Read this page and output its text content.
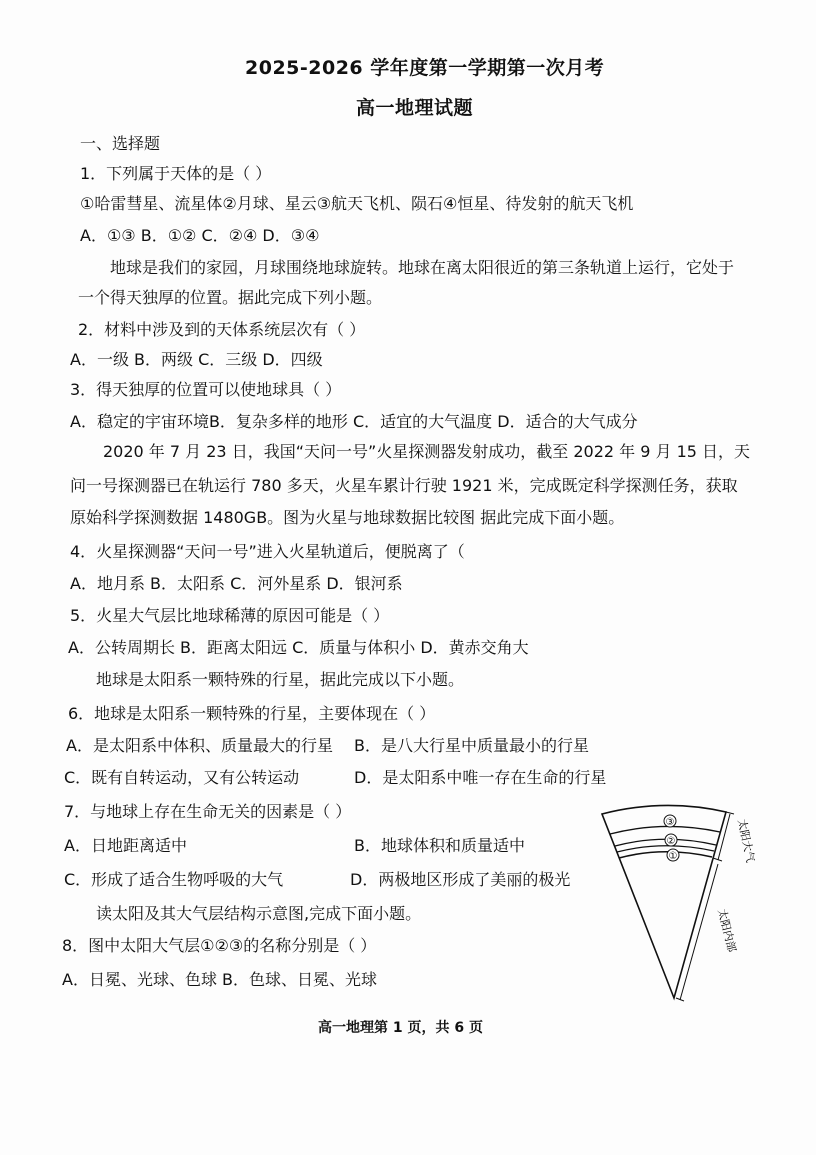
2025-2026 学年度第一学期第一次月考
高一地理试题
一、选择题
1．下列属于天体的是（ ）
①哈雷彗星、流星体②月球、星云③航天飞机、陨石④恒星、待发射的航天飞机
A．①③ B．①② C．②④ D．③④
地球是我们的家园，月球围绕地球旋转。地球在离太阳很近的第三条轨道上运行，它处于
一个得天独厚的位置。据此完成下列小题。
2．材料中涉及到的天体系统层次有（ ）
A．一级 B．两级 C．三级 D．四级
3．得天独厚的位置可以使地球具（ ）
A．稳定的宇宙环境B．复杂多样的地形 C．适宜的大气温度 D．适合的大气成分
2020 年 7 月 23 日，我国“天问一号”火星探测器发射成功，截至 2022 年 9 月 15 日，天
问一号探测器已在轨运行 780 多天，火星车累计行驶 1921 米，完成既定科学探测任务，获取
原始科学探测数据 1480GB。图为火星与地球数据比较图 据此完成下面小题。
4．火星探测器“天问一号”进入火星轨道后，便脱离了（
A．地月系 B．太阳系 C．河外星系 D．银河系
5．火星大气层比地球稀薄的原因可能是（ ）
A．公转周期长 B．距离太阳远 C．质量与体积小 D．黄赤交角大
地球是太阳系一颗特殊的行星，据此完成以下小题。
6．地球是太阳系一颗特殊的行星，主要体现在（ ）
A．是太阳系中体积、质量最大的行星 B．是八大行星中质量最小的行星
C．既有自转运动，又有公转运动	D．是太阳系中唯一存在生命的行星
7．与地球上存在生命无关的因素是（ ）
A．日地距离适中	B．地球体积和质量适中
C．形成了适合生物呼吸的大气	D．两极地区形成了美丽的极光
读太阳及其大气层结构示意图,完成下面小题。
8．图中太阳大气层①②③的名称分别是（ ）
A．日冕、光球、色球 B．色球、日冕、光球
③
②
①	太阳大气
太阳内部
高一地理第 1 页，共 6 页
